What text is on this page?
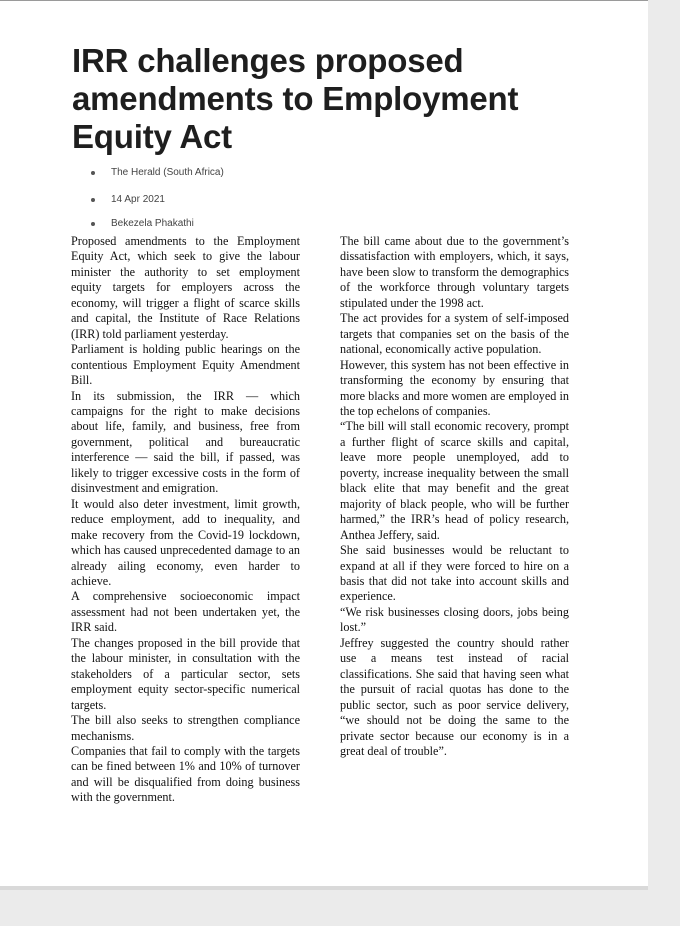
IRR challenges proposed amendments to Employment Equity Act
The Herald (South Africa)
14 Apr 2021
Bekezela Phakathi

Proposed amendments to the Employment Equity Act, which seek to give the labour minister the authority to set employment equity targets for employers across the economy, will trigger a flight of scarce skills and capital, the Institute of Race Relations (IRR) told parliament yesterday.

Parliament is holding public hearings on the contentious Employment Equity Amendment Bill.

In its submission, the IRR — which campaigns for the right to make decisions about life, family, and business, free from government, political and bureaucratic interference — said the bill, if passed, was likely to trigger excessive costs in the form of disinvestment and emigration.

It would also deter investment, limit growth, reduce employment, add to inequality, and make recovery from the Covid-19 lockdown, which has caused unprecedented damage to an already ailing economy, even harder to achieve.

A comprehensive socioeconomic impact assessment had not been undertaken yet, the IRR said.

The changes proposed in the bill provide that the labour minister, in consultation with the stakeholders of a particular sector, sets employment equity sector-specific numerical targets.

The bill also seeks to strengthen compliance mechanisms.

Companies that fail to comply with the targets can be fined between 1% and 10% of turnover and will be disqualified from doing business with the government.

The bill came about due to the government’s dissatisfaction with employers, which, it says, have been slow to transform the demographics of the workforce through voluntary targets stipulated under the 1998 act.

The act provides for a system of self-imposed targets that companies set on the basis of the national, economically active population.

However, this system has not been effective in transforming the economy by ensuring that more blacks and more women are employed in the top echelons of companies.

“The bill will stall economic recovery, prompt a further flight of scarce skills and capital, leave more people unemployed, add to poverty, increase inequality between the small black elite that may benefit and the great majority of black people, who will be further harmed,” the IRR’s head of policy research, Anthea Jeffery, said.

She said businesses would be reluctant to expand at all if they were forced to hire on a basis that did not take into account skills and experience.

“We risk businesses closing doors, jobs being lost.”

Jeffrey suggested the country should rather use a means test instead of racial classifications. She said that having seen what the pursuit of racial quotas has done to the public sector, such as poor service delivery, “we should not be doing the same to the private sector because our economy is in a great deal of trouble”.
